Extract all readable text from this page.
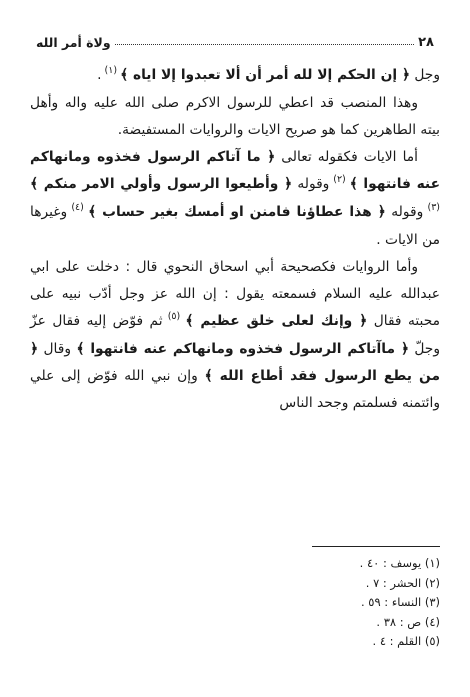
٢٨
ولاة أمر الله

وجل ﴿ إن الحكم إلا لله أمر أن ألا تعبدوا إلا اياه ﴾ $^{(١)}$ .

وهذا المنصب قد اعطي للرسول الاكرم صلى الله عليه واله وأهل بيته الطاهرين كما هو صريح الايات والروايات المستفيضة.

أما الايات فكقوله تعالى ﴿ ما آتاكم الرسول فخذوه ومانهاكم عنه فانتهوا ﴾ $^{(٢)}$ وقوله ﴿ وأطيعوا الرسول وأولي الامر منكم ﴾ $^{(٣)}$ وقوله ﴿ هذا عطاؤنا فامنن او أمسك بغير حساب ﴾ $^{(٤)}$ وغيرها من الايات .

وأما الروايات فكصحيحة أبي اسحاق النحوي قال : دخلت على ابي عبدالله عليه السلام فسمعته يقول : إن الله عز وجل أدّب نبيه على محبته فقال ﴿ وإنك لعلى خلق عظيم ﴾ $^{(٥)}$ ثم فوّض إليه فقال عزّ وجلّ ﴿ ماآتاكم الرسول فخذوه ومانهاكم عنه فانتهوا ﴾ وقال ﴿ من يطع الرسول فقد أطاع الله ﴾ وإن نبي الله فوّض إلى علي وائتمنه فسلمتم وجحد الناس

(١) يوسف : ٤٠ .
(٢) الحشر : ٧ .
(٣) النساء : ٥٩ .
(٤) ص : ٣٨ .
(٥) القلم : ٤ .
